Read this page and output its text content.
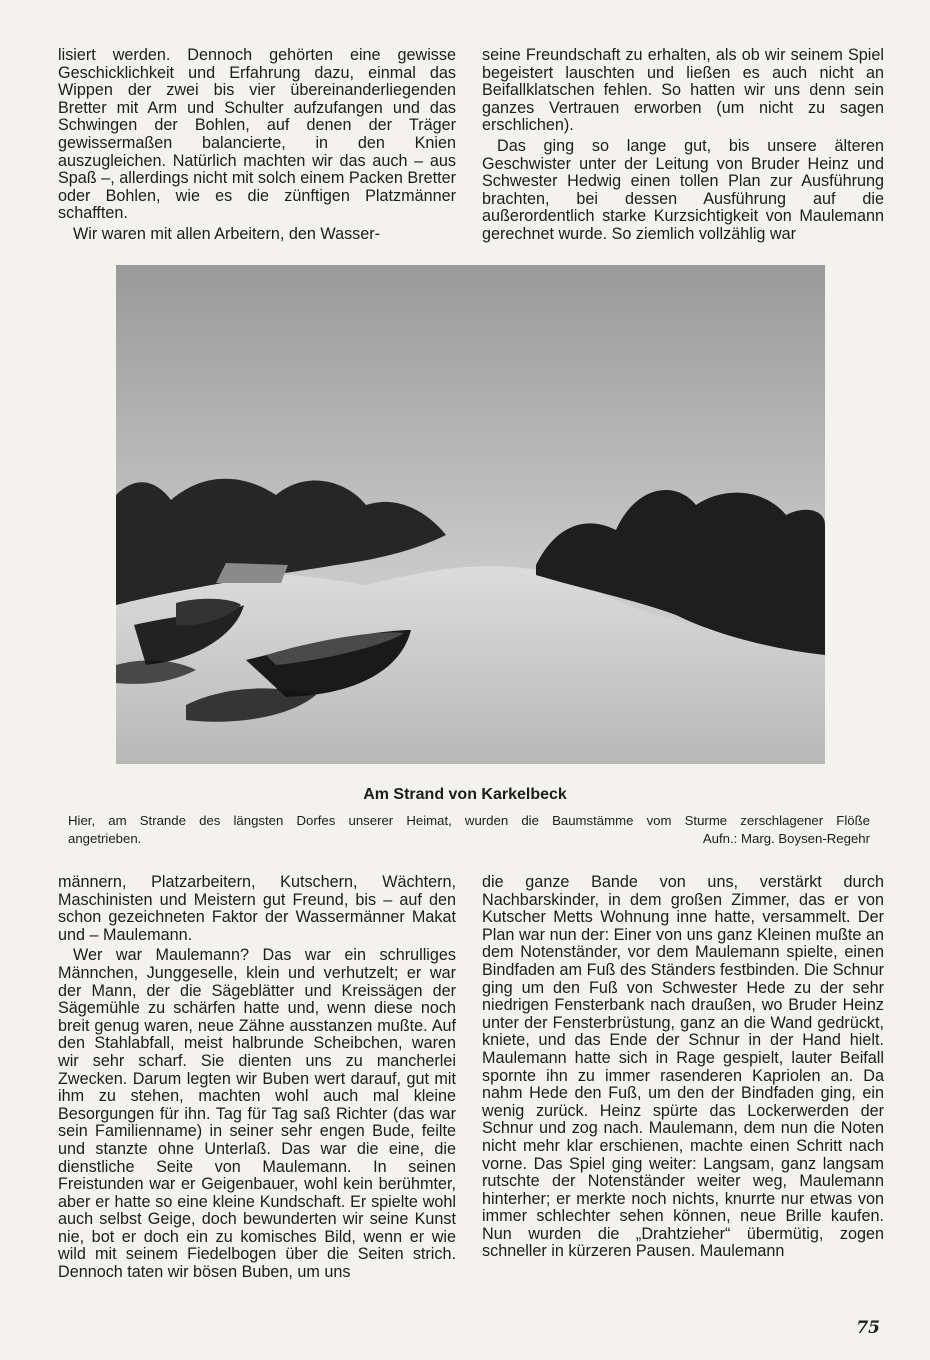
lisiert werden. Dennoch gehörten eine gewisse Geschicklichkeit und Erfahrung dazu, einmal das Wippen der zwei bis vier übereinanderliegenden Bretter mit Arm und Schulter aufzufangen und das Schwingen der Bohlen, auf denen der Träger gewissermaßen balancierte, in den Knien auszugleichen. Natürlich machten wir das auch – aus Spaß –, allerdings nicht mit solch einem Packen Bretter oder Bohlen, wie es die zünftigen Platzmänner schafften.

Wir waren mit allen Arbeitern, den Wasser-

seine Freundschaft zu erhalten, als ob wir seinem Spiel begeistert lauschten und ließen es auch nicht an Beifallklatschen fehlen. So hatten wir uns denn sein ganzes Vertrauen erworben (um nicht zu sagen erschlichen).

Das ging so lange gut, bis unsere älteren Geschwister unter der Leitung von Bruder Heinz und Schwester Hedwig einen tollen Plan zur Ausführung brachten, bei dessen Ausführung auf die außerordentlich starke Kurzsichtigkeit von Maulemann gerechnet wurde. So ziemlich vollzählig war

Am Strand von Karkelbeck
Hier, am Strande des längsten Dorfes unserer Heimat, wurden die Baumstämme vom Sturme zerschlagener Flöße
angetrieben.	Aufn.: Marg. Boysen-Regehr

männern, Platzarbeitern, Kutschern, Wächtern, Maschinisten und Meistern gut Freund, bis – auf den schon gezeichneten Faktor der Wassermänner Makat und – Maulemann.

Wer war Maulemann? Das war ein schrulliges Männchen, Junggeselle, klein und verhutzelt; er war der Mann, der die Sägeblätter und Kreissägen der Sägemühle zu schärfen hatte und, wenn diese noch breit genug waren, neue Zähne ausstanzen mußte. Auf den Stahlabfall, meist halbrunde Scheibchen, waren wir sehr scharf. Sie dienten uns zu mancherlei Zwecken. Darum legten wir Buben wert darauf, gut mit ihm zu stehen, machten wohl auch mal kleine Besorgungen für ihn. Tag für Tag saß Richter (das war sein Familienname) in seiner sehr engen Bude, feilte und stanzte ohne Unterlaß. Das war die eine, die dienstliche Seite von Maulemann. In seinen Freistunden war er Geigenbauer, wohl kein berühmter, aber er hatte so eine kleine Kundschaft. Er spielte wohl auch selbst Geige, doch bewunderten wir seine Kunst nie, bot er doch ein zu komisches Bild, wenn er wie wild mit seinem Fiedelbogen über die Seiten strich. Dennoch taten wir bösen Buben, um uns

die ganze Bande von uns, verstärkt durch Nachbarskinder, in dem großen Zimmer, das er von Kutscher Metts Wohnung inne hatte, versammelt. Der Plan war nun der: Einer von uns ganz Kleinen mußte an dem Notenständer, vor dem Maulemann spielte, einen Bindfaden am Fuß des Ständers festbinden. Die Schnur ging um den Fuß von Schwester Hede zu der sehr niedrigen Fensterbank nach draußen, wo Bruder Heinz unter der Fensterbrüstung, ganz an die Wand gedrückt, kniete, und das Ende der Schnur in der Hand hielt. Maulemann hatte sich in Rage gespielt, lauter Beifall spornte ihn zu immer rasenderen Kapriolen an. Da nahm Hede den Fuß, um den der Bindfaden ging, ein wenig zurück. Heinz spürte das Lockerwerden der Schnur und zog nach. Maulemann, dem nun die Noten nicht mehr klar erschienen, machte einen Schritt nach vorne. Das Spiel ging weiter: Langsam, ganz langsam rutschte der Notenständer weiter weg, Maulemann hinterher; er merkte noch nichts, knurrte nur etwas von immer schlechter sehen können, neue Brille kaufen. Nun wurden die „Drahtzieher“ übermütig, zogen schneller in kürzeren Pausen. Maulemann

75
